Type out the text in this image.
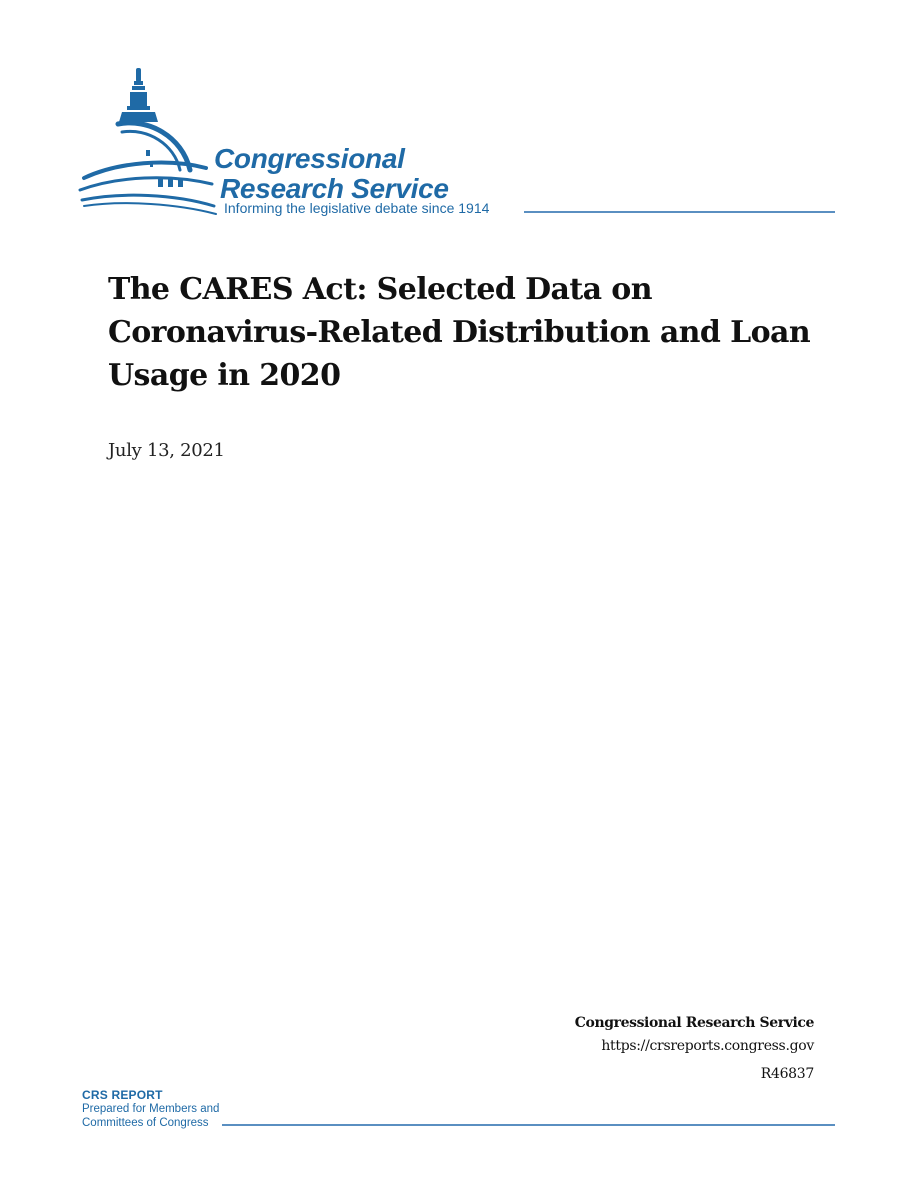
Congressional
Research Service
Informing the legislative debate since 1914
The CARES Act: Selected Data on
Coronavirus-Related Distribution and Loan
Usage in 2020
July 13, 2021
Congressional Research Service
https://crsreports.congress.gov
R46837
CRS REPORT
Prepared for Members and
Committees of Congress
